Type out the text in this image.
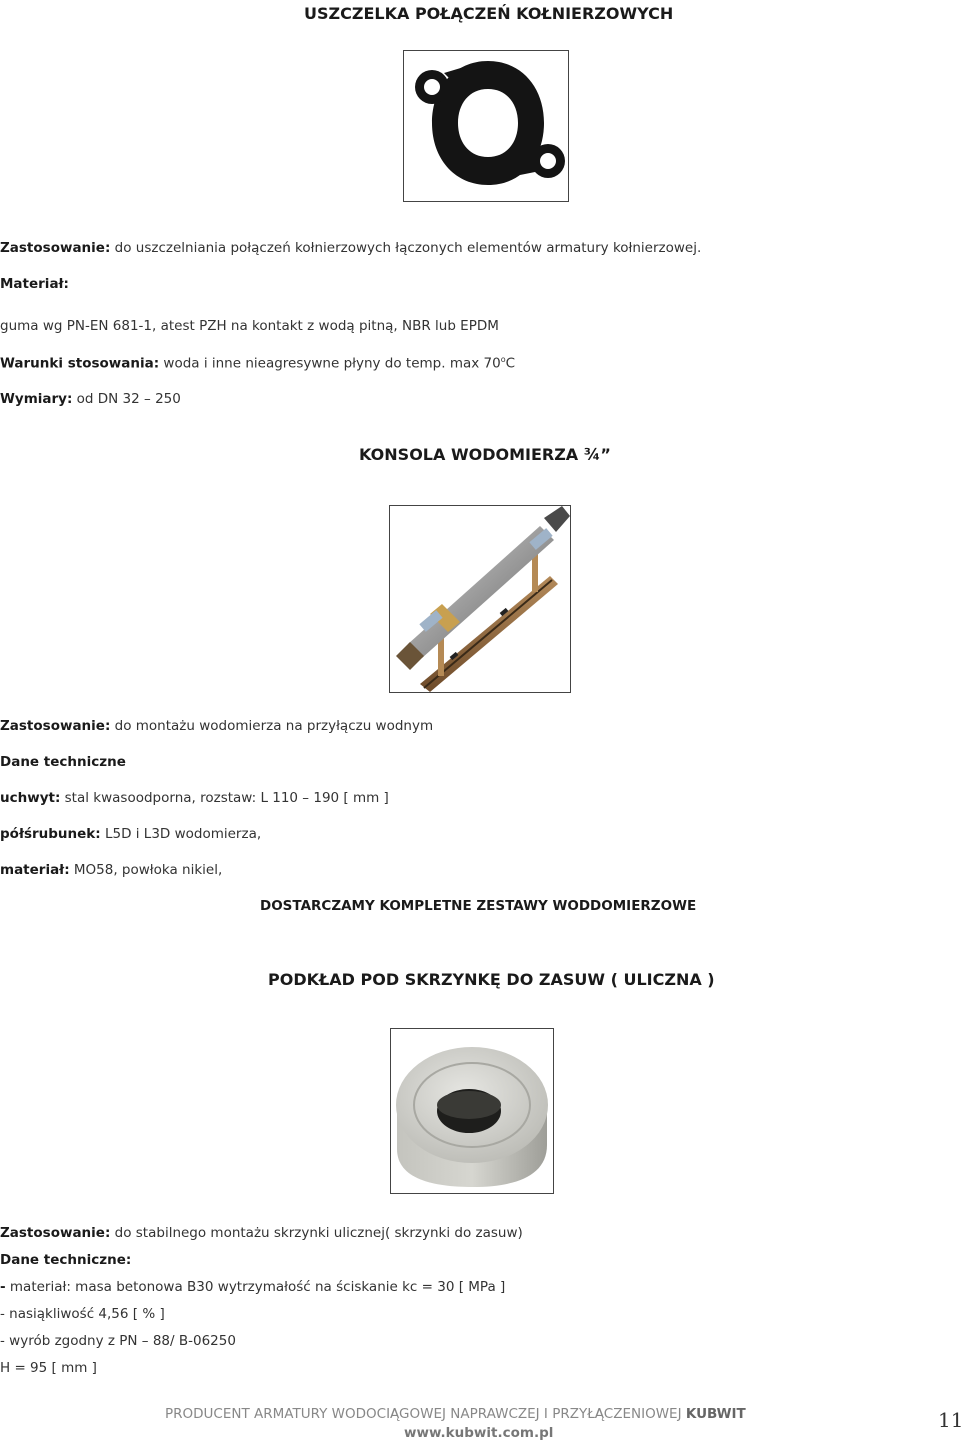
USZCZELKA POŁĄCZEŃ KOŁNIERZOWYCH
Zastosowanie: do uszczelniania połączeń kołnierzowych łączonych elementów armatury kołnierzowej.
Materiał:
guma wg PN-EN 681-1, atest PZH na kontakt z wodą pitną, NBR lub EPDM
Warunki stosowania: woda i inne nieagresywne płyny do temp. max 70$^o$C
Wymiary: od DN 32 – 250
KONSOLA WODOMIERZA ¾”
Zastosowanie: do montażu wodomierza na przyłączu wodnym
Dane techniczne
uchwyt: stal kwasoodporna, rozstaw: L 110 – 190 [ mm ]
półśrubunek: L5D i L3D wodomierza,
materiał: MO58, powłoka nikiel,
DOSTARCZAMY KOMPLETNE ZESTAWY WODDOMIERZOWE
PODKŁAD POD SKRZYNKĘ DO ZASUW ( ULICZNA )
Zastosowanie: do stabilnego montażu skrzynki ulicznej( skrzynki do zasuw)
Dane techniczne:
- materiał: masa betonowa B30 wytrzymałość na ściskanie kc = 30 [ MPa ]
- nasiąkliwość 4,56 [ % ]
- wyrób zgodny z PN – 88/ B-06250
H = 95 [ mm ]
PRODUCENT ARMATURY WODOCIĄGOWEJ NAPRAWCZEJ I PRZYŁĄCZENIOWEJ KUBWIT
www.kubwit.com.pl
11
